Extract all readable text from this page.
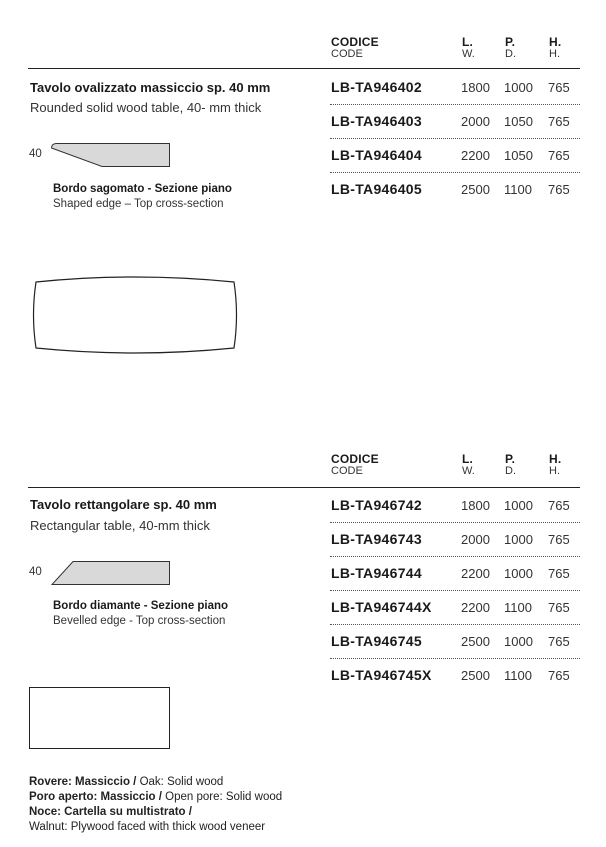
CODICE
CODE
L.
W.
P.
D.
H.
H.
Tavolo ovalizzato massiccio sp. 40 mm
Rounded solid wood table, 40- mm thick
LB-TA946402	1800 1000 765
LB-TA946403	2000 1050 765
LB-TA946404	2200 1050 765
LB-TA946405	2500 1100 765
40
Bordo sagomato - Sezione piano
Shaped edge – Top cross-section
CODICE
CODE
L.
W.
P.
D.
H.
H.
Tavolo rettangolare sp. 40 mm
Rectangular table, 40-mm thick
LB-TA946742	1800 1000 765
LB-TA946743	2000 1000 765
LB-TA946744	2200 1000 765
LB-TA946744X 2200 1100 765
LB-TA946745	2500 1000 765
LB-TA946745X 2500 1100 765
40
Bordo diamante - Sezione piano
Bevelled edge - Top cross-section
Rovere: Massiccio / Oak: Solid wood
Poro aperto: Massiccio / Open pore: Solid wood
Noce: Cartella su multistrato /
Walnut: Plywood faced with thick wood veneer
